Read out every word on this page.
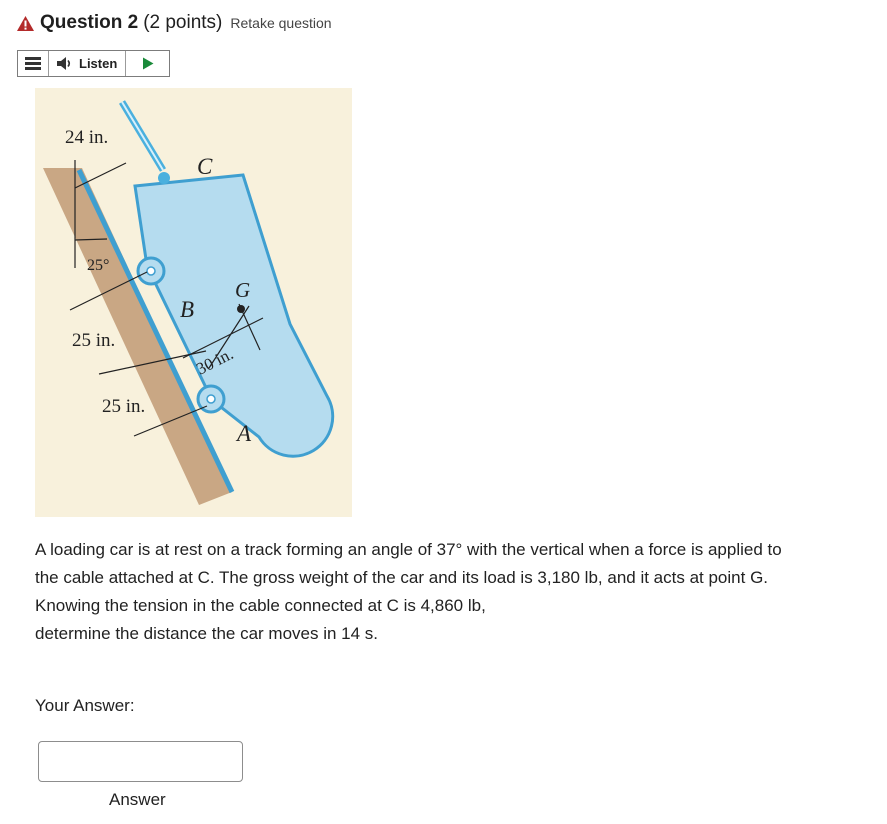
Question 2 (2 points) Retake question
Listen
24 in.
25°
25 in.
25 in.
30 in.
C
G
B
A

A loading car is at rest on a track forming an angle of 37° with the vertical when a force is applied to the cable attached at C. The gross weight of the car and its load is 3,180 lb, and it acts at point G. Knowing the tension in the cable connected at C is 4,860 lb,

determine the distance the car moves in 14 s.

Your Answer:
Answer
